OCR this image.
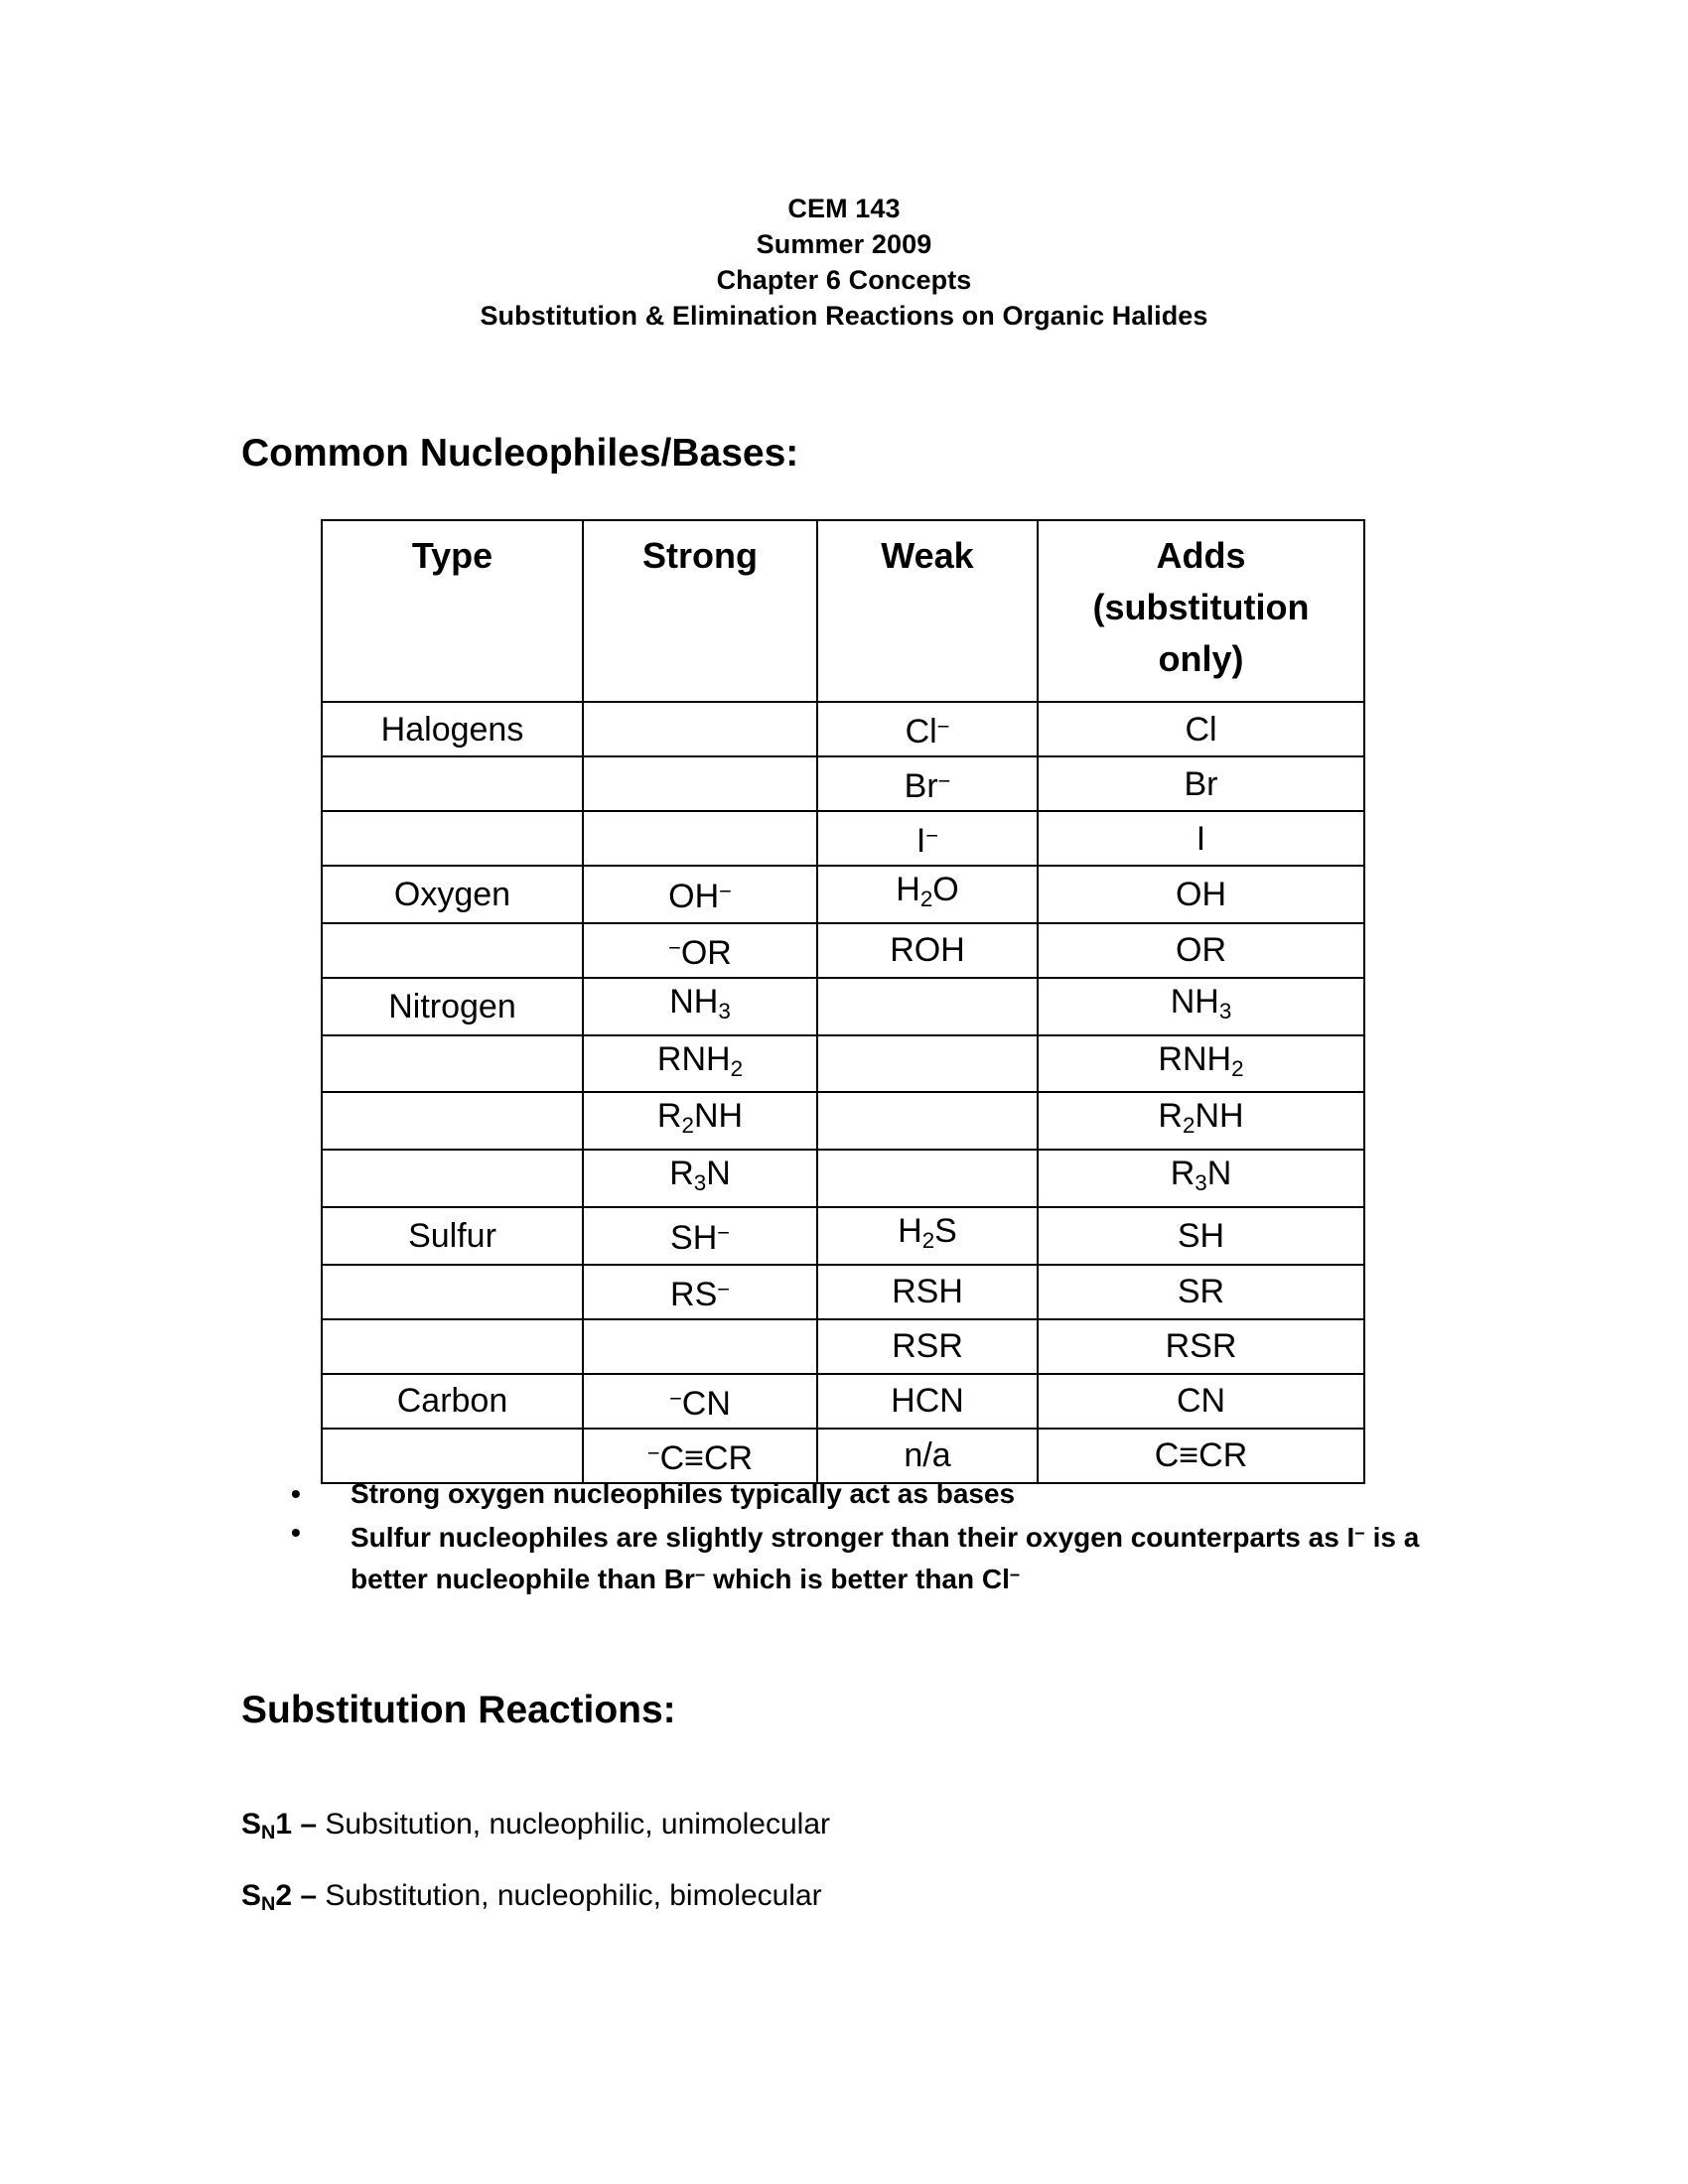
CEM 143
Summer 2009
Chapter 6 Concepts
Substitution & Elimination Reactions on Organic Halides
Common Nucleophiles/Bases:
Type	Strong	Weak	Adds
(substitution
only)

Halogens		Cl−	Cl
		Br−	Br
		I−	I
Oxygen	OH−	$H_2O$	OH
	−OR	ROH	OR
Nitrogen	$NH_3$		$NH_3$
	$RNH_2$		$RNH_2$
	$R_2NH$		$R_2NH$
	$R_3N$		$R_3N$
Sulfur	SH−	$H_2S$	SH
	RS−	RSH	SR
		RSR	RSR
Carbon	−CN	HCN	CN
	−C≡CR	n/a	C≡CR
• Strong oxygen nucleophiles typically act as bases
• Sulfur nucleophiles are slightly stronger than their oxygen counterparts as I− is a better nucleophile than Br− which is better than Cl−
Substitution Reactions:
$S_N1$ – Subsitution, nucleophilic, unimolecular
$S_N2$ – Substitution, nucleophilic, bimolecular
